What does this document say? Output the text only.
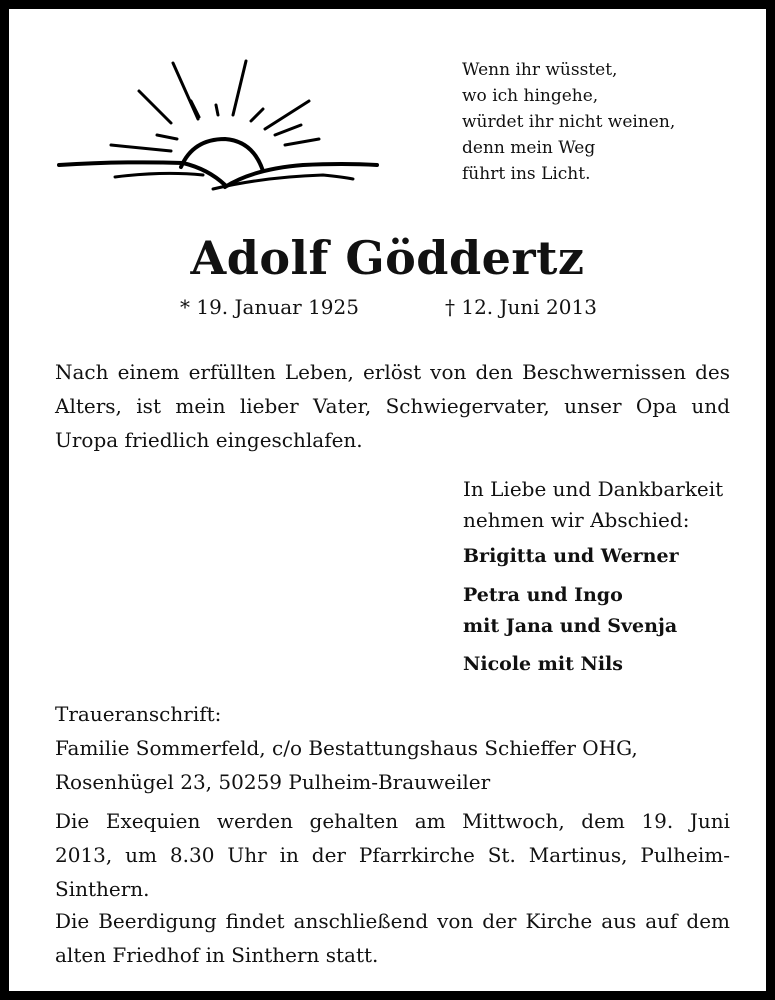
Wenn ihr wüsstet,
wo ich hingehe,
würdet ihr nicht weinen,
denn mein Weg
führt ins Licht.
Adolf Göddertz
* 19. Januar 1925	† 12. Juni 2013
Nach einem erfüllten Leben, erlöst von den Beschwernissen des
Alters, ist mein lieber Vater, Schwiegervater, unser Opa und
Uropa friedlich eingeschlafen.
In Liebe und Dankbarkeit
nehmen wir Abschied:
Brigitta und Werner
Petra und Ingo
mit Jana und Svenja
Nicole mit Nils
Traueranschrift:
Familie Sommerfeld, c/o Bestattungshaus Schieffer OHG,
Rosenhügel 23, 50259 Pulheim-Brauweiler
Die Exequien werden gehalten am Mittwoch, dem 19. Juni
2013, um 8.30 Uhr in der Pfarrkirche St. Martinus, Pulheim-
Sinthern.
Die Beerdigung findet anschließend von der Kirche aus auf dem
alten Friedhof in Sinthern statt.
